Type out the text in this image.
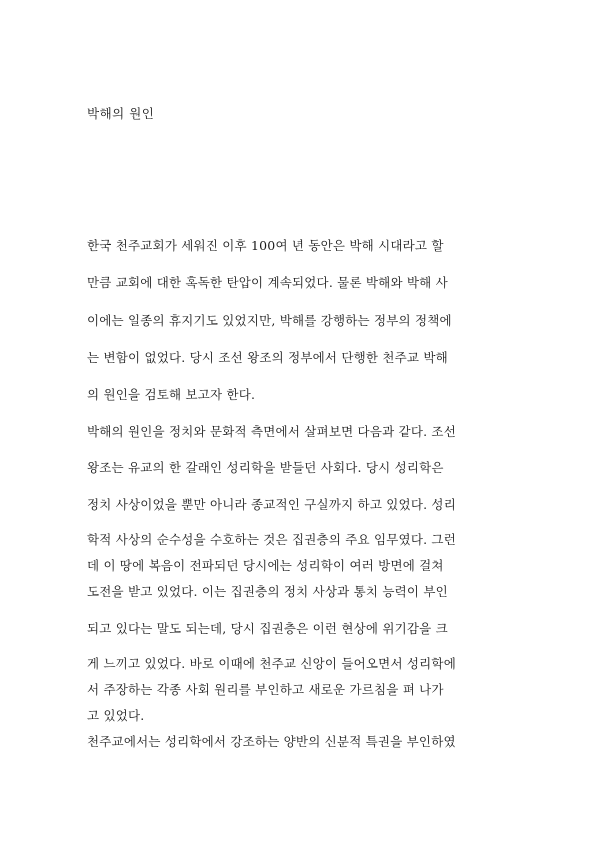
박해의 원인
한국 천주교회가 세워진 이후 100여 년 동안은 박해 시대라고 할
만큼 교회에 대한 혹독한 탄압이 계속되었다. 물론 박해와 박해 사
이에는 일종의 휴지기도 있었지만, 박해를 강행하는 정부의 정책에
는 변함이 없었다. 당시 조선 왕조의 정부에서 단행한 천주교 박해
의 원인을 검토해 보고자 한다.
박해의 원인을 정치와 문화적 측면에서 살펴보면 다음과 같다. 조선
왕조는 유교의 한 갈래인 성리학을 받들던 사회다. 당시 성리학은
정치 사상이었을 뿐만 아니라 종교적인 구실까지 하고 있었다. 성리
학적 사상의 순수성을 수호하는 것은 집권층의 주요 임무였다. 그런
데 이 땅에 복음이 전파되던 당시에는 성리학이 여러 방면에 걸쳐
도전을 받고 있었다. 이는 집권층의 정치 사상과 통치 능력이 부인
되고 있다는 말도 되는데, 당시 집권층은 이런 현상에 위기감을 크
게 느끼고 있었다. 바로 이때에 천주교 신앙이 들어오면서 성리학에
서 주장하는 각종 사회 원리를 부인하고 새로운 가르침을 펴 나가
고 있었다.
천주교에서는 성리학에서 강조하는 양반의 신분적 특권을 부인하였
